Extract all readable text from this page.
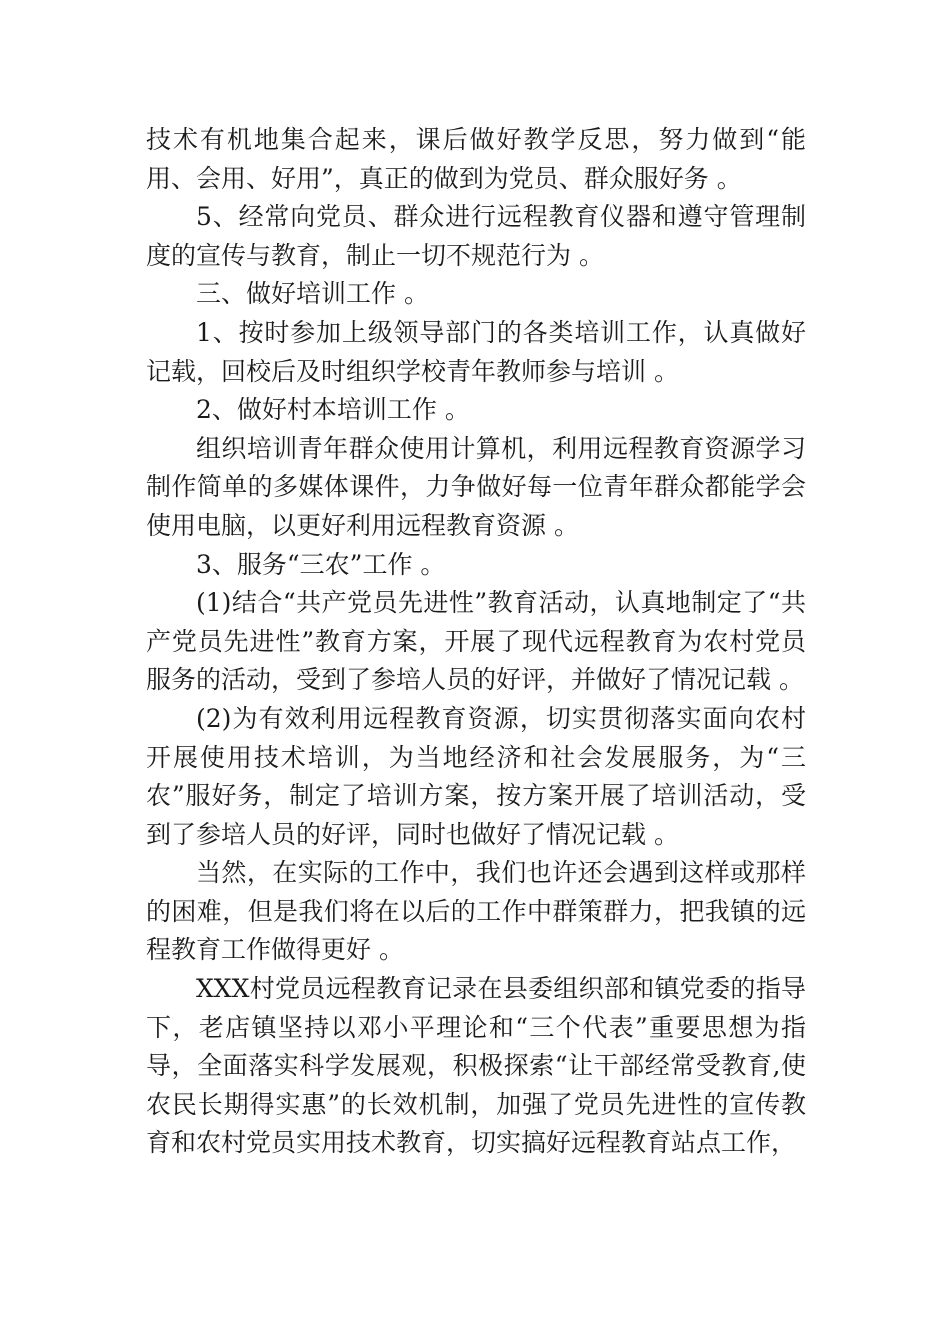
技术有机地集合起来，课后做好教学反思，努力做到“能用、会用、好用”，真正的做到为党员、群众服好务 。

5、经常向党员、群众进行远程教育仪器和遵守管理制度的宣传与教育，制止一切不规范行为 。

三、做好培训工作 。

1、按时参加上级领导部门的各类培训工作，认真做好记载，回校后及时组织学校青年教师参与培训 。

2、做好村本培训工作 。

组织培训青年群众使用计算机，利用远程教育资源学习制作简单的多媒体课件，力争做好每一位青年群众都能学会使用电脑，以更好利用远程教育资源 。

3、服务“三农”工作 。

(1)结合“共产党员先进性”教育活动，认真地制定了“共产党员先进性”教育方案，开展了现代远程教育为农村党员服务的活动，受到了参培人员的好评，并做好了情况记载 。

(2)为有效利用远程教育资源，切实贯彻落实面向农村开展使用技术培训，为当地经济和社会发展服务，为“三农”服好务，制定了培训方案，按方案开展了培训活动，受到了参培人员的好评，同时也做好了情况记载 。

当然，在实际的工作中，我们也许还会遇到这样或那样的困难，但是我们将在以后的工作中群策群力，把我镇的远程教育工作做得更好 。

XXX村党员远程教育记录在县委组织部和镇党委的指导下，老店镇坚持以邓小平理论和“三个代表”重要思想为指导，全面落实科学发展观，积极探索“让干部经常受教育,使农民长期得实惠”的长效机制，加强了党员先进性的宣传教育和农村党员实用技术教育，切实搞好远程教育站点工作，
